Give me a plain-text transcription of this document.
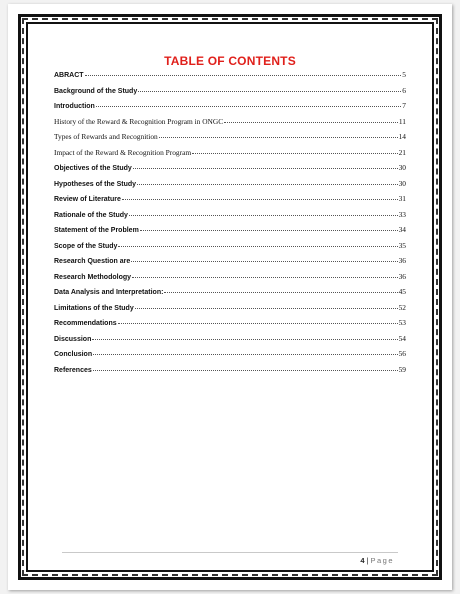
TABLE OF CONTENTS
ABRACT	5
Background of the Study	6
Introduction	7
History of the Reward & Recognition Program in ONGC	11
Types of Rewards and Recognition	14
Impact of the Reward & Recognition Program	21
Objectives of the Study	30
Hypotheses of the Study	30
Review of Literature	31
Rationale of the Study	33
Statement of the Problem	34
Scope of the Study	35
Research Question are	36
Research Methodology	36
Data Analysis and Interpretation:	45
Limitations of the Study	52
Recommendations	53
Discussion	54
Conclusion	56
References	59
4 | Page
